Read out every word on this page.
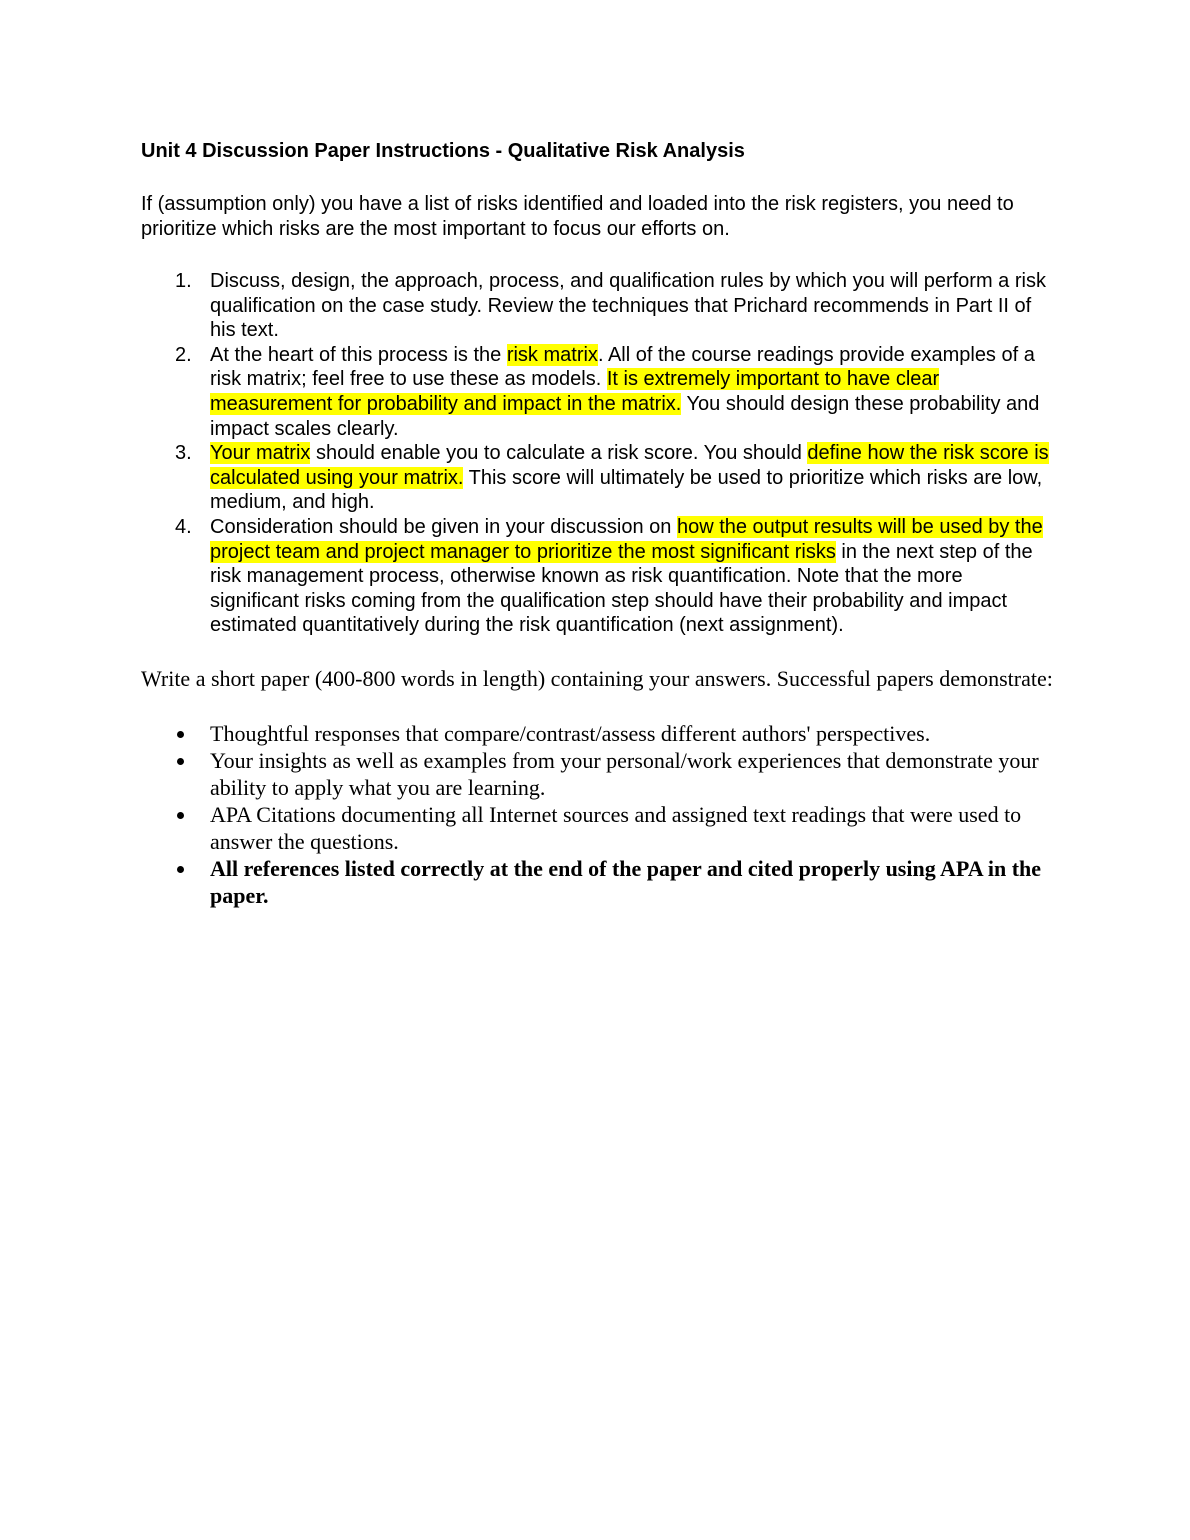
Unit 4 Discussion Paper Instructions - Qualitative Risk Analysis

If (assumption only) you have a list of risks identified and loaded into the risk registers, you need to prioritize which risks are the most important to focus our efforts on.

1. Discuss, design, the approach, process, and qualification rules by which you will perform a risk qualification on the case study. Review the techniques that Prichard recommends in Part II of his text.
2. At the heart of this process is the risk matrix. All of the course readings provide examples of a risk matrix; feel free to use these as models. It is extremely important to have clear measurement for probability and impact in the matrix. You should design these probability and impact scales clearly.
3. Your matrix should enable you to calculate a risk score. You should define how the risk score is calculated using your matrix. This score will ultimately be used to prioritize which risks are low, medium, and high.
4. Consideration should be given in your discussion on how the output results will be used by the project team and project manager to prioritize the most significant risks in the next step of the risk management process, otherwise known as risk quantification. Note that the more significant risks coming from the qualification step should have their probability and impact estimated quantitatively during the risk quantification (next assignment).

Write a short paper (400-800 words in length) containing your answers. Successful papers demonstrate:

Thoughtful responses that compare/contrast/assess different authors' perspectives.
Your insights as well as examples from your personal/work experiences that demonstrate your ability to apply what you are learning.
APA Citations documenting all Internet sources and assigned text readings that were used to answer the questions.
All references listed correctly at the end of the paper and cited properly using APA in the paper.
